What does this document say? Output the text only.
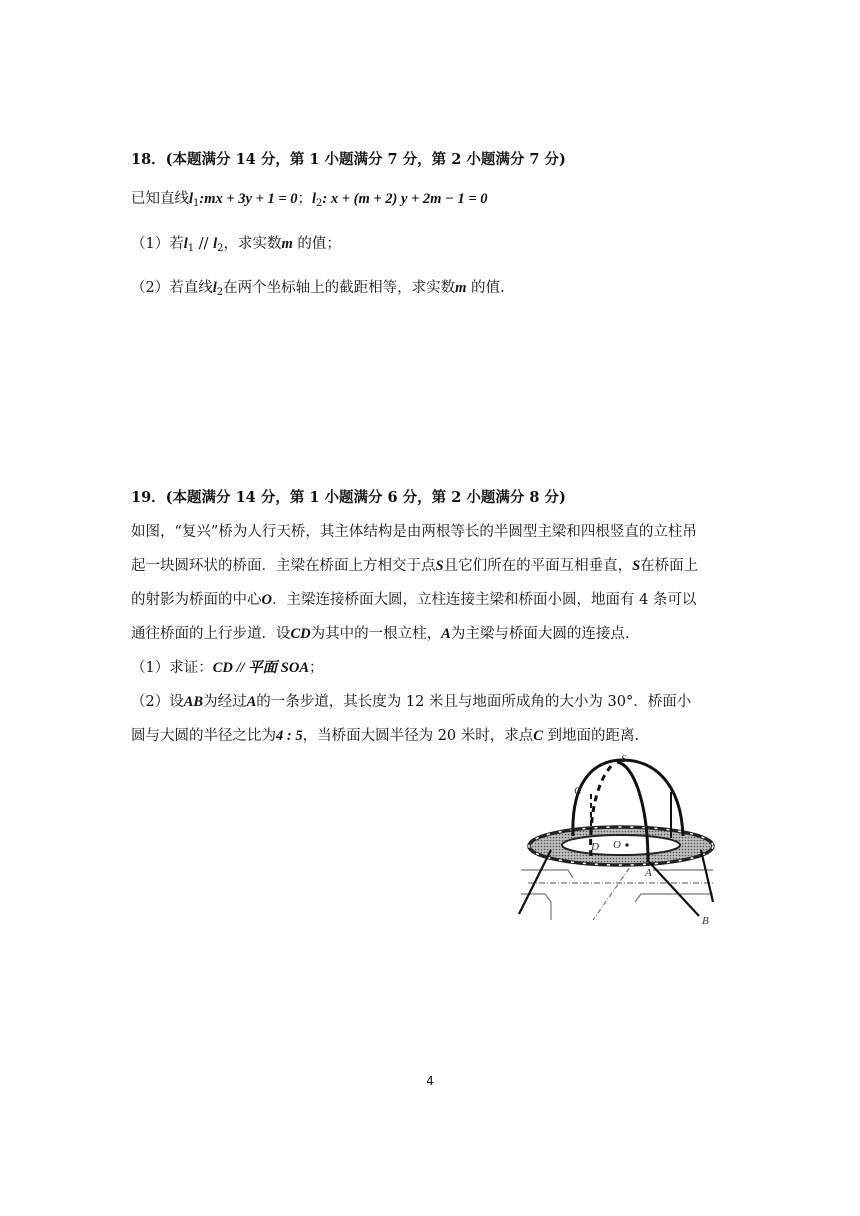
18．(本题满分 14 分，第 1 小题满分 7 分，第 2 小题满分 7 分)
已知直线$l_1:mx + 3y + 1 = 0$；$l_2$: x + (m + 2) y + 2m − 1 = 0
（1）若$l_1 // l_2$，求实数m 的值；
（2）若直线$l_2$在两个坐标轴上的截距相等，求实数m 的值.
19．(本题满分 14 分，第 1 小题满分 6 分，第 2 小题满分 8 分)
如图，“复兴”桥为人行天桥，其主体结构是由两根等长的半圆型主梁和四根竖直的立柱吊
起一块圆环状的桥面．主梁在桥面上方相交于点S且它们所在的平面互相垂直，S在桥面上
的射影为桥面的中心O．主梁连接桥面大圆，立柱连接主梁和桥面小圆，地面有 4 条可以
通往桥面的上行步道．设CD为其中的一根立柱，A为主梁与桥面大圆的连接点.
（1）求证：CD // 平面 SOA；
（2）设AB为经过A的一条步道，其长度为 12 米且与地面所成角的大小为 30°．桥面小
圆与大圆的半径之比为4 : 5，当桥面大圆半径为 20 米时，求点C 到地面的距离.
S
C
D O
A
B
4
